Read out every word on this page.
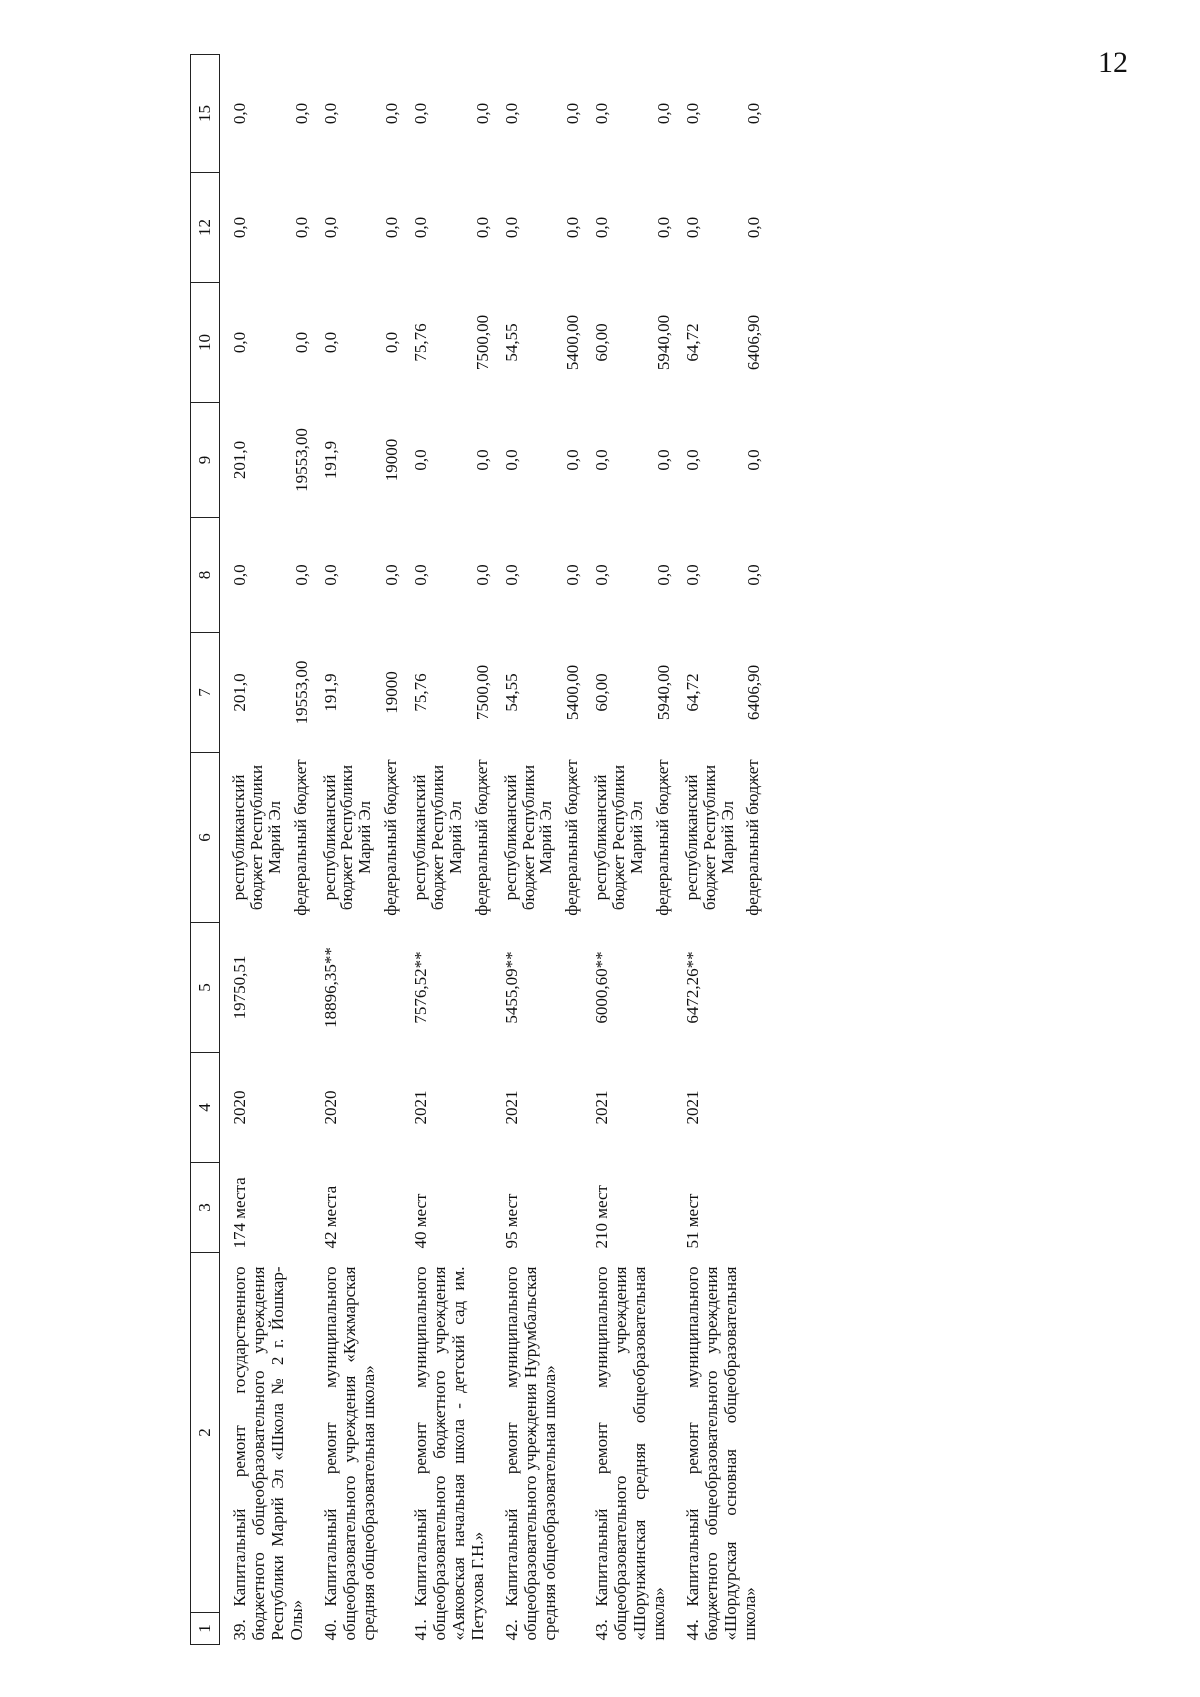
12
1	2	3	4	5	6	7	8	9	10	12	15
39.Капитальный ремонт государственного бюджетного общеобразовательного учреждения Республики Марий Эл «Школа № 2 г. Йошкар-Олы»		174 места	2020	19750,51	республиканский бюджет Республики Марий Эл	201,0	0,0	201,0	0,0	0,0	0,0
					федеральный бюджет	19553,00	0,0	19553,00	0,0	0,0	0,0
40.Капитальный ремонт муниципального общеобразовательного учреждения «Кужмарская средняя общеобразовательная школа»		42 места	2020	18896,35**	республиканский бюджет Республики Марий Эл	191,9	0,0	191,9	0,0	0,0	0,0
					федеральный бюджет	19000	0,0	19000	0,0	0,0	0,0
41.Капитальный ремонт муниципального общеобразовательного бюджетного учреждения «Аяковская начальная школа - детский сад им. Петухова Г.Н.»		40 мест	2021	7576,52**	республиканский бюджет Республики Марий Эл	75,76	0,0	0,0	75,76	0,0	0,0
					федеральный бюджет	7500,00	0,0	0,0	7500,00	0,0	0,0
42.Капитальный ремонт муниципального общеобразовательного учреждения Нурумбальская средняя общеобразовательная школа»		95 мест	2021	5455,09**	республиканский бюджет Республики Марий Эл	54,55	0,0	0,0	54,55	0,0	0,0
					федеральный бюджет	5400,00	0,0	0,0	5400,00	0,0	0,0
43.Капитальный ремонт муниципального общеобразовательного учреждения «Шорунжинская средняя общеобразовательная школа»		210 мест	2021	6000,60**	республиканский бюджет Республики Марий Эл	60,00	0,0	0,0	60,00	0,0	0,0
					федеральный бюджет	5940,00	0,0	0,0	5940,00	0,0	0,0
44.Капитальный ремонт муниципального бюджетного общеобразовательного учреждения «Шордурская основная общеобразовательная школа»		51 мест	2021	6472,26**	республиканский бюджет Республики Марий Эл	64,72	0,0	0,0	64,72	0,0	0,0
					федеральный бюджет	6406,90	0,0	0,0	6406,90	0,0	0,0
